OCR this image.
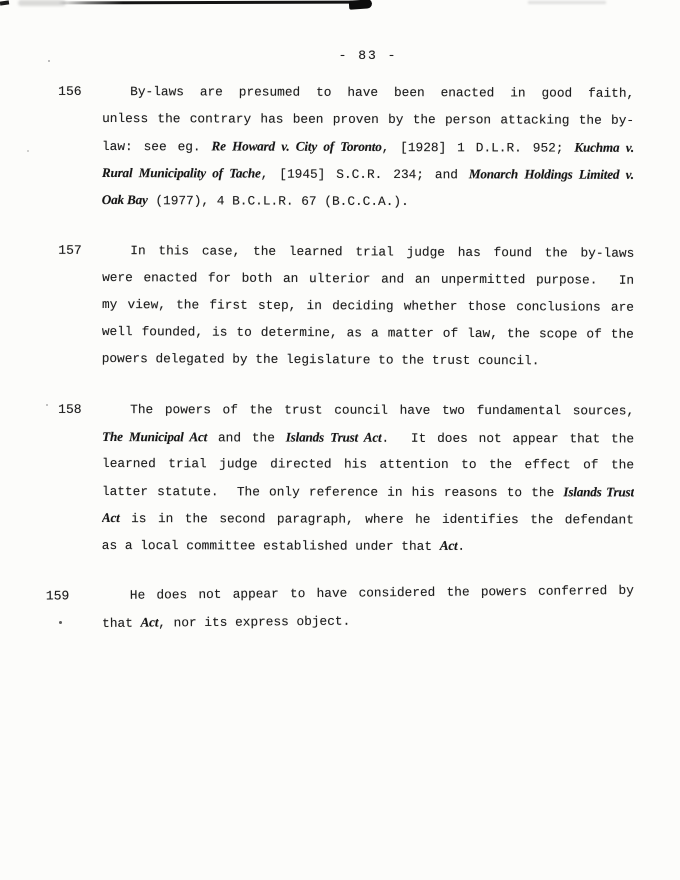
- 83 -
156	By-laws are presumed to have been enacted in good faith,
unless the contrary has been proven by the person attacking the by-
law: see eg. Re Howard v. City of Toronto, [1928] 1 D.L.R. 952; Kuchma v.
Rural Municipality of Tache, [1945] S.C.R. 234; and Monarch Holdings Limited v.
Oak Bay (1977), 4 B.C.L.R. 67 (B.C.C.A.).
157	In this case, the learned trial judge has found the by-laws
were enacted for both an ulterior and an unpermitted purpose.  In
my view, the first step, in deciding whether those conclusions are
well founded, is to determine, as a matter of law, the scope of the
powers delegated by the legislature to the trust council.
158	The powers of the trust council have two fundamental sources,
The Municipal Act and the Islands Trust Act.  It does not appear that the
learned trial judge directed his attention to the effect of the
latter statute.  The only reference in his reasons to the Islands Trust
Act is in the second paragraph, where he identifies the defendant
as a local committee established under that Act.
159	He does not appear to have considered the powers conferred by
that Act, nor its express object.
